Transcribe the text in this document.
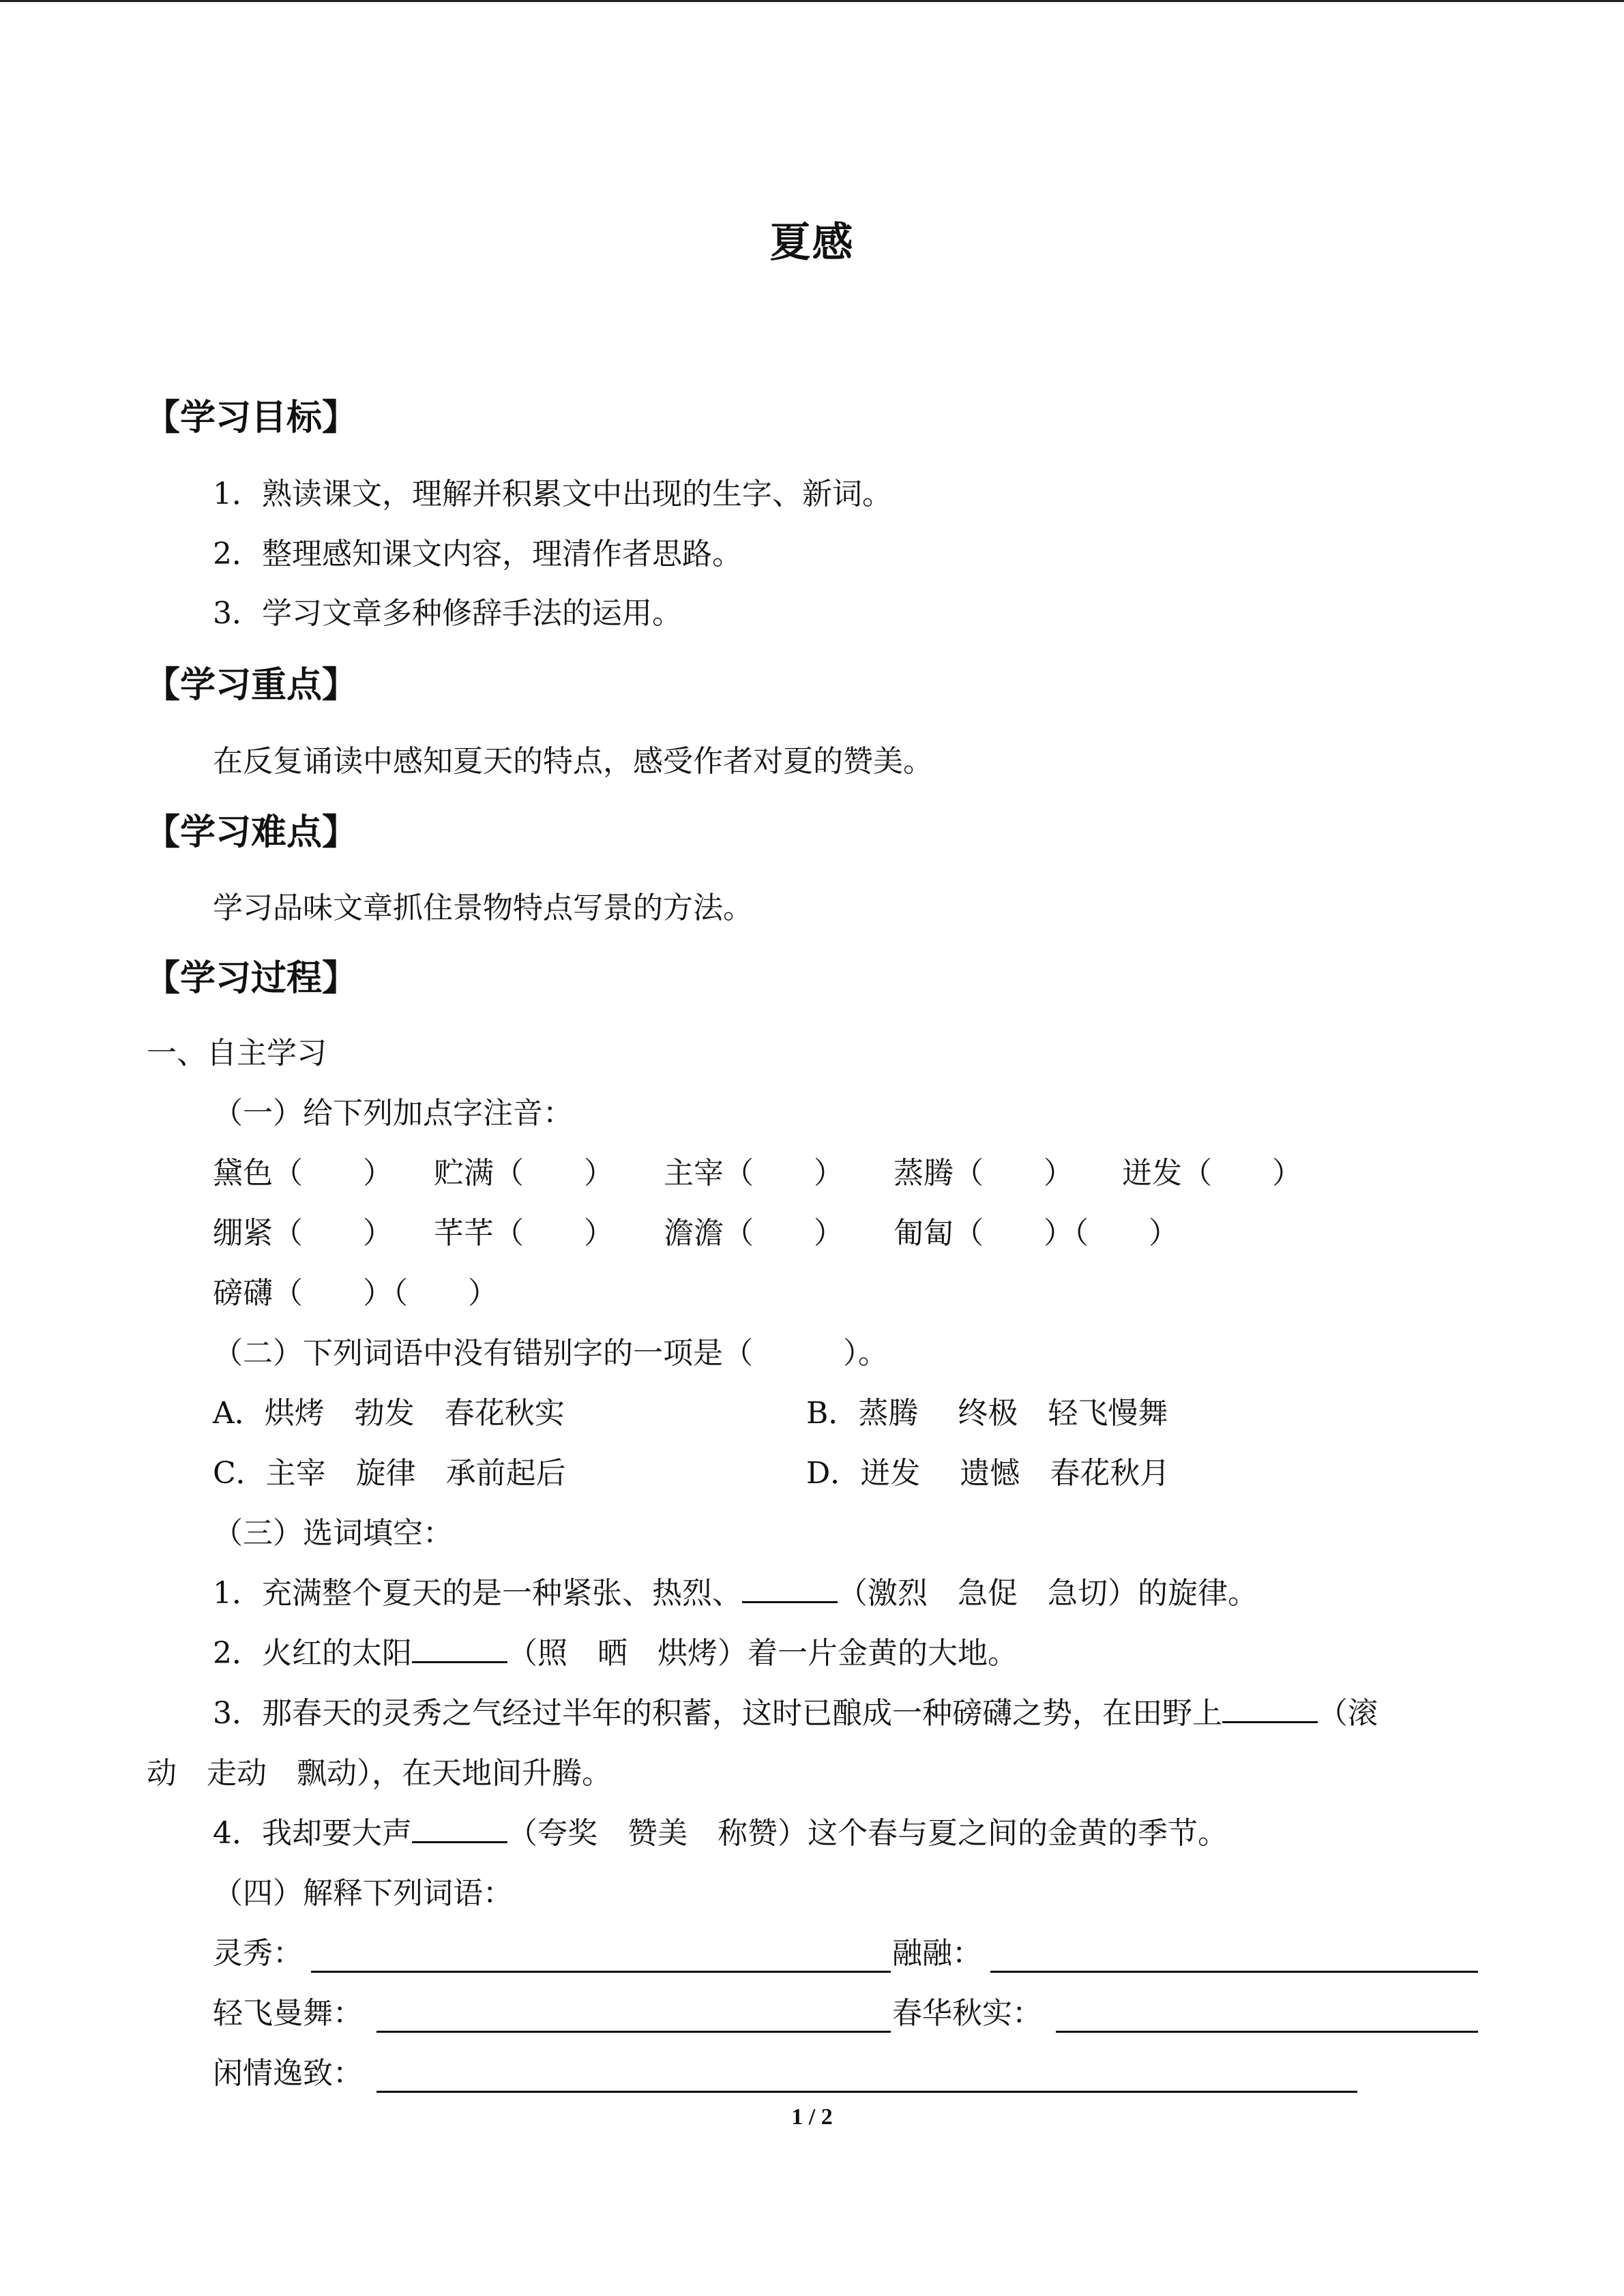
夏感
【学习目标】
1．熟读课文，理解并积累文中出现的生字、新词。
2．整理感知课文内容，理清作者思路。
3．学习文章多种修辞手法的运用。
【学习重点】
在反复诵读中感知夏天的特点，感受作者对夏的赞美。
【学习难点】
学习品味文章抓住景物特点写景的方法。
【学习过程】
一、自主学习
（一）给下列加点字注音：
黛色（　　） 贮满（　　） 主宰（　　） 蒸腾（　　） 迸发（　　）
绷紧（　　） 芊芊（　　） 澹澹（　　） 匍匐（　　）（　　）
磅礴（　　）（　　）
（二）下列词语中没有错别字的一项是（　　　）。
A．烘烤　勃发　春花秋实	B．蒸腾　 终极　轻飞慢舞
C．主宰　旋律　承前起后	D．迸发　 遗憾　春花秋月
（三）选词填空：
1．充满整个夏天的是一种紧张、热烈、	（激烈　急促　急切）的旋律。
2．火红的太阳	（照　晒　烘烤）着一片金黄的大地。
3．那春天的灵秀之气经过半年的积蓄，这时已酿成一种磅礴之势，在田野上	（滚
动　走动　飘动），在天地间升腾。
4．我却要大声	（夸奖　赞美　称赞）这个春与夏之间的金黄的季节。
（四）解释下列词语：
灵秀：	融融：
轻飞曼舞：	春华秋实：
闲情逸致：
1 / 2
